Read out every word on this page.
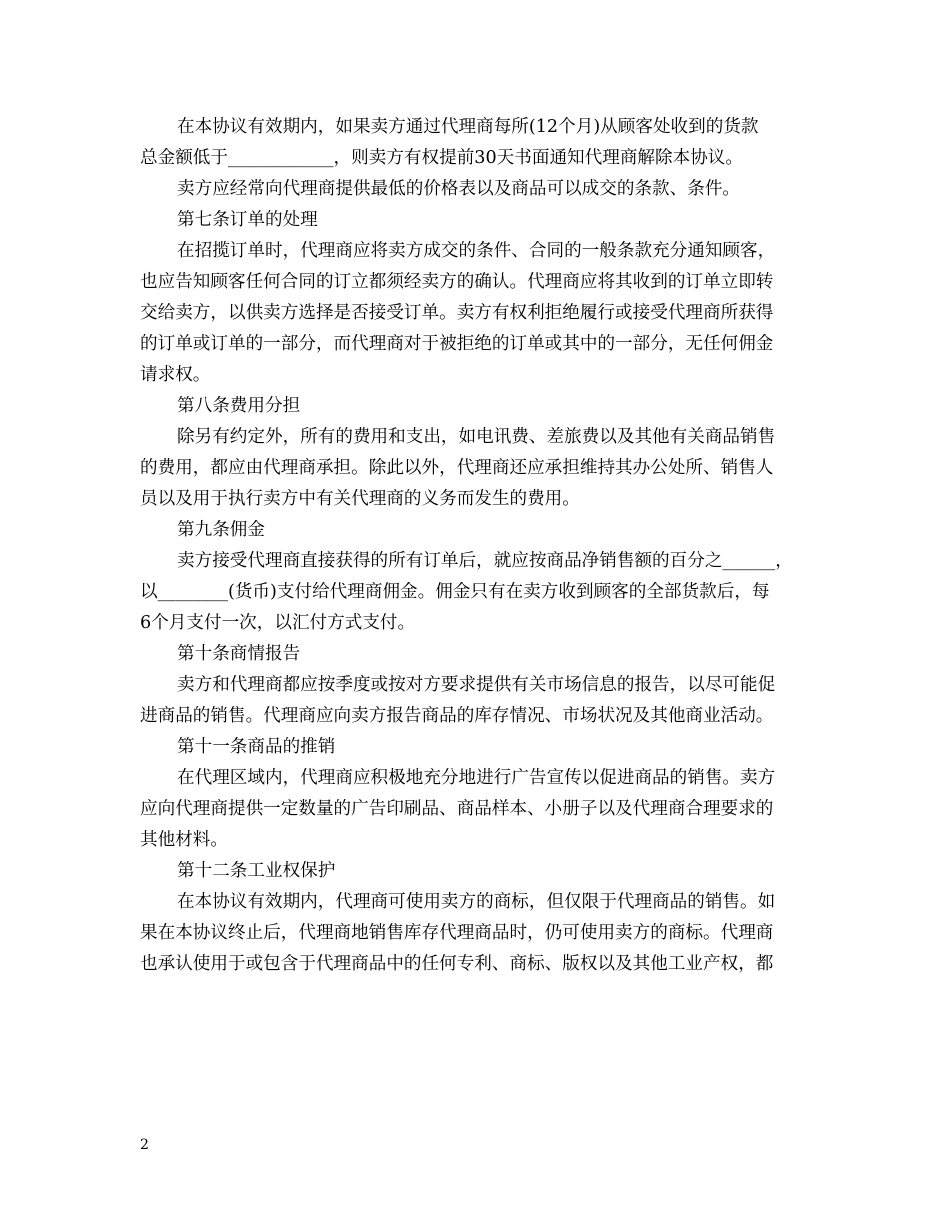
在本协议有效期内，如果卖方通过代理商每所(12个月)从顾客处收到的货款
总金额低于____________，则卖方有权提前30天书面通知代理商解除本协议。

卖方应经常向代理商提供最低的价格表以及商品可以成交的条款、条件。

第七条订单的处理

在招揽订单时，代理商应将卖方成交的条件、合同的一般条款充分通知顾客，
也应告知顾客任何合同的订立都须经卖方的确认。代理商应将其收到的订单立即转
交给卖方，以供卖方选择是否接受订单。卖方有权利拒绝履行或接受代理商所获得
的订单或订单的一部分，而代理商对于被拒绝的订单或其中的一部分，无任何佣金
请求权。

第八条费用分担

除另有约定外，所有的费用和支出，如电讯费、差旅费以及其他有关商品销售
的费用，都应由代理商承担。除此以外，代理商还应承担维持其办公处所、销售人
员以及用于执行卖方中有关代理商的义务而发生的费用。

第九条佣金

卖方接受代理商直接获得的所有订单后，就应按商品净销售额的百分之______，
以________(货币)支付给代理商佣金。佣金只有在卖方收到顾客的全部货款后，每
6个月支付一次，以汇付方式支付。

第十条商情报告

卖方和代理商都应按季度或按对方要求提供有关市场信息的报告，以尽可能促
进商品的销售。代理商应向卖方报告商品的库存情况、市场状况及其他商业活动。

第十一条商品的推销

在代理区域内，代理商应积极地充分地进行广告宣传以促进商品的销售。卖方
应向代理商提供一定数量的广告印刷品、商品样本、小册子以及代理商合理要求的
其他材料。

第十二条工业权保护

在本协议有效期内，代理商可使用卖方的商标，但仅限于代理商品的销售。如
果在本协议终止后，代理商地销售库存代理商品时，仍可使用卖方的商标。代理商
也承认使用于或包含于代理商品中的任何专利、商标、版权以及其他工业产权，都

2
